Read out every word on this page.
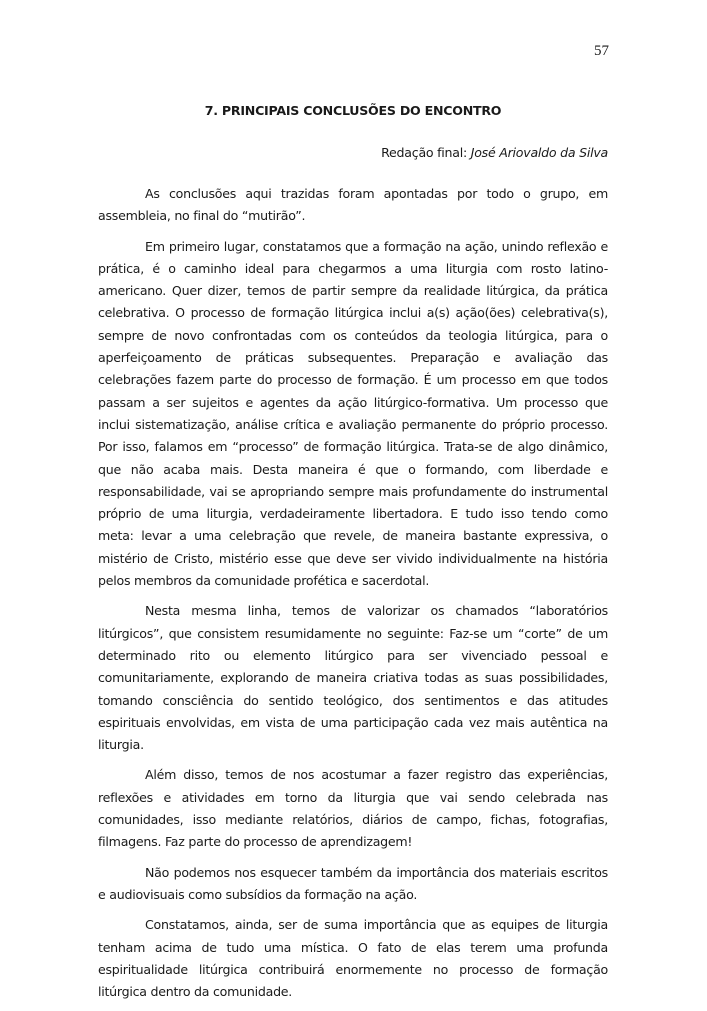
57

7. PRINCIPAIS CONCLUSÕES DO ENCONTRO

Redação final: José Ariovaldo da Silva

As conclusões aqui trazidas foram apontadas por todo o grupo, em assembleia, no final do “mutirão”.

Em primeiro lugar, constatamos que a formação na ação, unindo reflexão e prática, é o caminho ideal para chegarmos a uma liturgia com rosto latino-americano. Quer dizer, temos de partir sempre da realidade litúrgica, da prática celebrativa. O processo de formação litúrgica inclui a(s) ação(ões) celebrativa(s), sempre de novo confrontadas com os conteúdos da teologia litúrgica, para o aperfeiçoamento de práticas subsequentes. Preparação e avaliação das celebrações fazem parte do processo de formação. É um processo em que todos passam a ser sujeitos e agentes da ação litúrgico-formativa. Um processo que inclui sistematização, análise crítica e avaliação permanente do próprio processo. Por isso, falamos em “processo” de formação litúrgica. Trata-se de algo dinâmico, que não acaba mais. Desta maneira é que o formando, com liberdade e responsabilidade, vai se apropriando sempre mais profundamente do instrumental próprio de uma liturgia, verdadeiramente libertadora. E tudo isso tendo como meta: levar a uma celebração que revele, de maneira bastante expressiva, o mistério de Cristo, mistério esse que deve ser vivido individualmente na história pelos membros da comunidade profética e sacerdotal.

Nesta mesma linha, temos de valorizar os chamados “laboratórios litúrgicos”, que consistem resumidamente no seguinte: Faz-se um “corte” de um determinado rito ou elemento litúrgico para ser vivenciado pessoal e comunitariamente, explorando de maneira criativa todas as suas possibilidades, tomando consciência do sentido teológico, dos sentimentos e das atitudes espirituais envolvidas, em vista de uma participação cada vez mais autêntica na liturgia.

Além disso, temos de nos acostumar a fazer registro das experiências, reflexões e atividades em torno da liturgia que vai sendo celebrada nas comunidades, isso mediante relatórios, diários de campo, fichas, fotografias, filmagens. Faz parte do processo de aprendizagem!

Não podemos nos esquecer também da importância dos materiais escritos e audiovisuais como subsídios da formação na ação.

Constatamos, ainda, ser de suma importância que as equipes de liturgia tenham acima de tudo uma mística. O fato de elas terem uma profunda espiritualidade litúrgica contribuirá enormemente no processo de formação litúrgica dentro da comunidade.
